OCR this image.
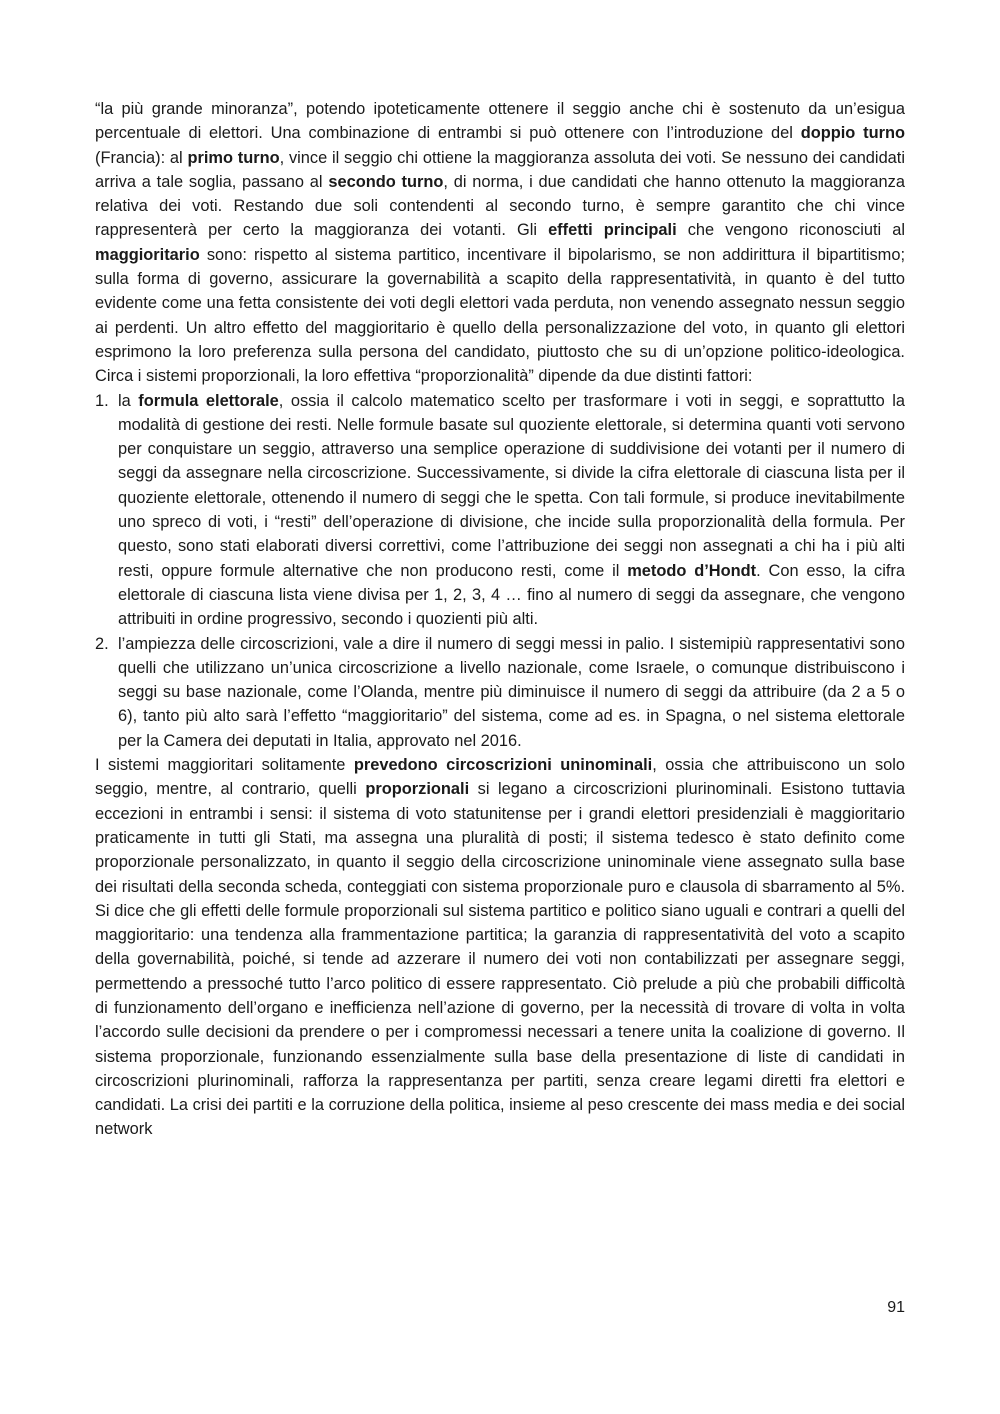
“la più grande minoranza”, potendo ipoteticamente ottenere il seggio anche chi è sostenuto da un’esigua percentuale di elettori. Una combinazione di entrambi si può ottenere con l’introduzione del doppio turno (Francia): al primo turno, vince il seggio chi ottiene la maggioranza assoluta dei voti. Se nessuno dei candidati arriva a tale soglia, passano al secondo turno, di norma, i due candidati che hanno ottenuto la maggioranza relativa dei voti. Restando due soli contendenti al secondo turno, è sempre garantito che chi vince rappresenterà per certo la maggioranza dei votanti. Gli effetti principali che vengono riconosciuti al maggioritario sono: rispetto al sistema partitico, incentivare il bipolarismo, se non addirittura il bipartitismo; sulla forma di governo, assicurare la governabilità a scapito della rappresentatività, in quanto è del tutto evidente come una fetta consistente dei voti degli elettori vada perduta, non venendo assegnato nessun seggio ai perdenti. Un altro effetto del maggioritario è quello della personalizzazione del voto, in quanto gli elettori esprimono la loro preferenza sulla persona del candidato, piuttosto che su di un’opzione politico-ideologica. Circa i sistemi proporzionali, la loro effettiva “proporzionalità” dipende da due distinti fattori:

1. la formula elettorale, ossia il calcolo matematico scelto per trasformare i voti in seggi, e soprattutto la modalità di gestione dei resti. Nelle formule basate sul quoziente elettorale, si determina quanti voti servono per conquistare un seggio, attraverso una semplice operazione di suddivisione dei votanti per il numero di seggi da assegnare nella circoscrizione. Successivamente, si divide la cifra elettorale di ciascuna lista per il quoziente elettorale, ottenendo il numero di seggi che le spetta. Con tali formule, si produce inevitabilmente uno spreco di voti, i “resti” dell’operazione di divisione, che incide sulla proporzionalità della formula. Per questo, sono stati elaborati diversi correttivi, come l’attribuzione dei seggi non assegnati a chi ha i più alti resti, oppure formule alternative che non producono resti, come il metodo d’Hondt. Con esso, la cifra elettorale di ciascuna lista viene divisa per 1, 2, 3, 4 … fino al numero di seggi da assegnare, che vengono attribuiti in ordine progressivo, secondo i quozienti più alti.
2. l’ampiezza delle circoscrizioni, vale a dire il numero di seggi messi in palio. I sistemipiù rappresentativi sono quelli che utilizzano un’unica circoscrizione a livello nazionale, come Israele, o comunque distribuiscono i seggi su base nazionale, come l’Olanda, mentre più diminuisce il numero di seggi da attribuire (da 2 a 5 o 6), tanto più alto sarà l’effetto “maggioritario” del sistema, come ad es. in Spagna, o nel sistema elettorale per la Camera dei deputati in Italia, approvato nel 2016.

I sistemi maggioritari solitamente prevedono circoscrizioni uninominali, ossia che attribuiscono un solo seggio, mentre, al contrario, quelli proporzionali si legano a circoscrizioni plurinominali. Esistono tuttavia eccezioni in entrambi i sensi: il sistema di voto statunitense per i grandi elettori presidenziali è maggioritario praticamente in tutti gli Stati, ma assegna una pluralità di posti; il sistema tedesco è stato definito come proporzionale personalizzato, in quanto il seggio della circoscrizione uninominale viene assegnato sulla base dei risultati della seconda scheda, conteggiati con sistema proporzionale puro e clausola di sbarramento al 5%. Si dice che gli effetti delle formule proporzionali sul sistema partitico e politico siano uguali e contrari a quelli del maggioritario: una tendenza alla frammentazione partitica; la garanzia di rappresentatività del voto a scapito della governabilità, poiché, si tende ad azzerare il numero dei voti non contabilizzati per assegnare seggi, permettendo a pressoché tutto l’arco politico di essere rappresentato. Ciò prelude a più che probabili difficoltà di funzionamento dell’organo e inefficienza nell’azione di governo, per la necessità di trovare di volta in volta l’accordo sulle decisioni da prendere o per i compromessi necessari a tenere unita la coalizione di governo. Il sistema proporzionale, funzionando essenzialmente sulla base della presentazione di liste di candidati in circoscrizioni plurinominali, rafforza la rappresentanza per partiti, senza creare legami diretti fra elettori e candidati. La crisi dei partiti e la corruzione della politica, insieme al peso crescente dei mass media e dei social network

91
